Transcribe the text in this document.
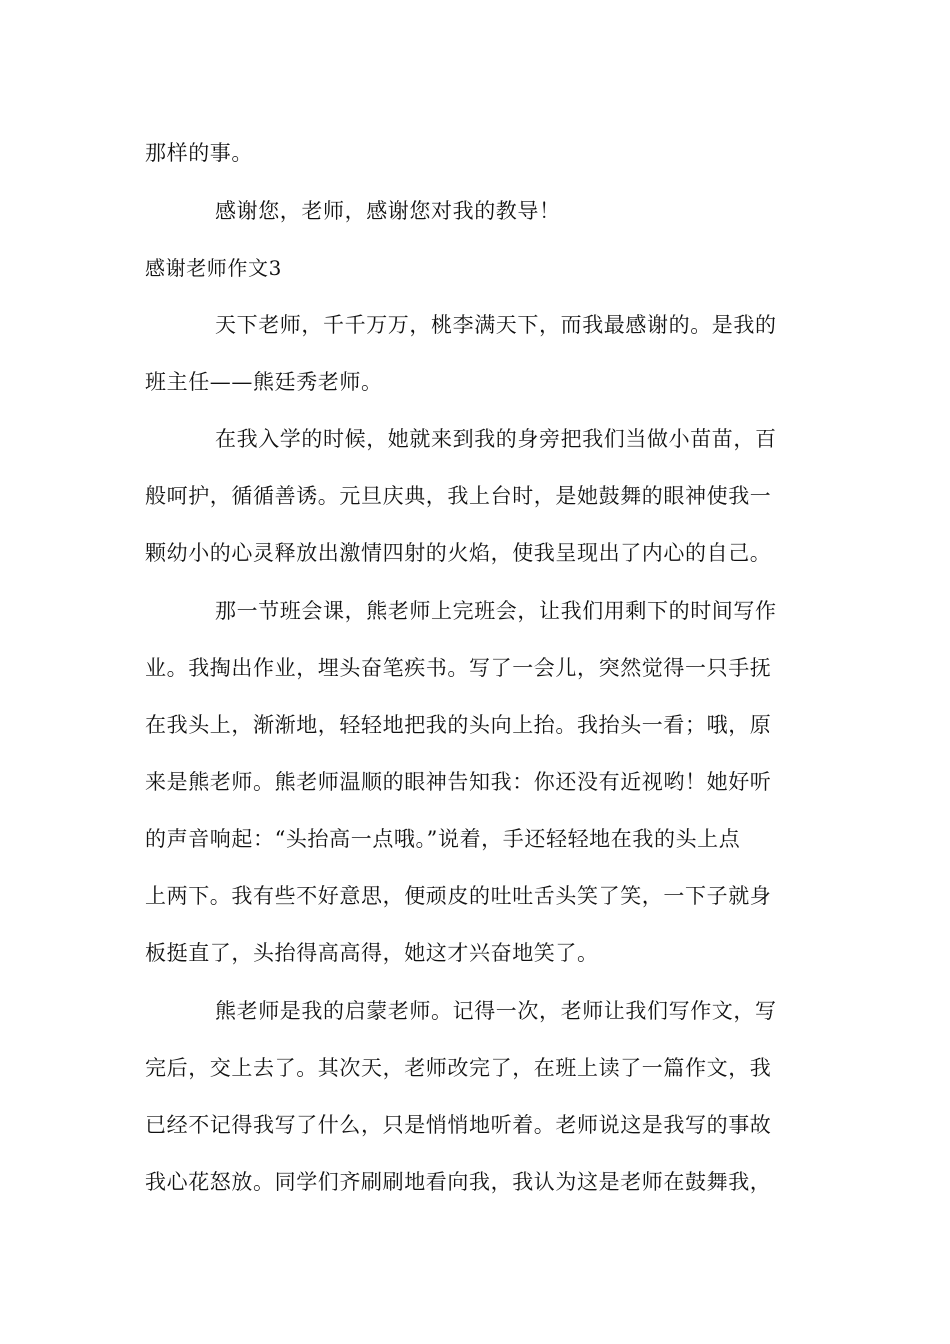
那样的事。
感谢您，老师，感谢您对我的教导！
感谢老师作文3
天下老师，千千万万，桃李满天下，而我最感谢的。是我的
班主任——熊廷秀老师。
在我入学的时候，她就来到我的身旁把我们当做小苗苗，百
般呵护，循循善诱。元旦庆典，我上台时，是她鼓舞的眼神使我一
颗幼小的心灵释放出激情四射的火焰，使我呈现出了内心的自己。
那一节班会课，熊老师上完班会，让我们用剩下的时间写作
业。我掏出作业，埋头奋笔疾书。写了一会儿，突然觉得一只手抚
在我头上，渐渐地，轻轻地把我的头向上抬。我抬头一看；哦，原
来是熊老师。熊老师温顺的眼神告知我：你还没有近视哟！她好听
的声音响起：“头抬高一点哦。”说着，手还轻轻地在我的头上点
上两下。我有些不好意思，便顽皮的吐吐舌头笑了笑，一下子就身
板挺直了，头抬得高高得，她这才兴奋地笑了。
熊老师是我的启蒙老师。记得一次，老师让我们写作文，写
完后，交上去了。其次天，老师改完了，在班上读了一篇作文，我
已经不记得我写了什么，只是悄悄地听着。老师说这是我写的事故
我心花怒放。同学们齐刷刷地看向我，我认为这是老师在鼓舞我，
